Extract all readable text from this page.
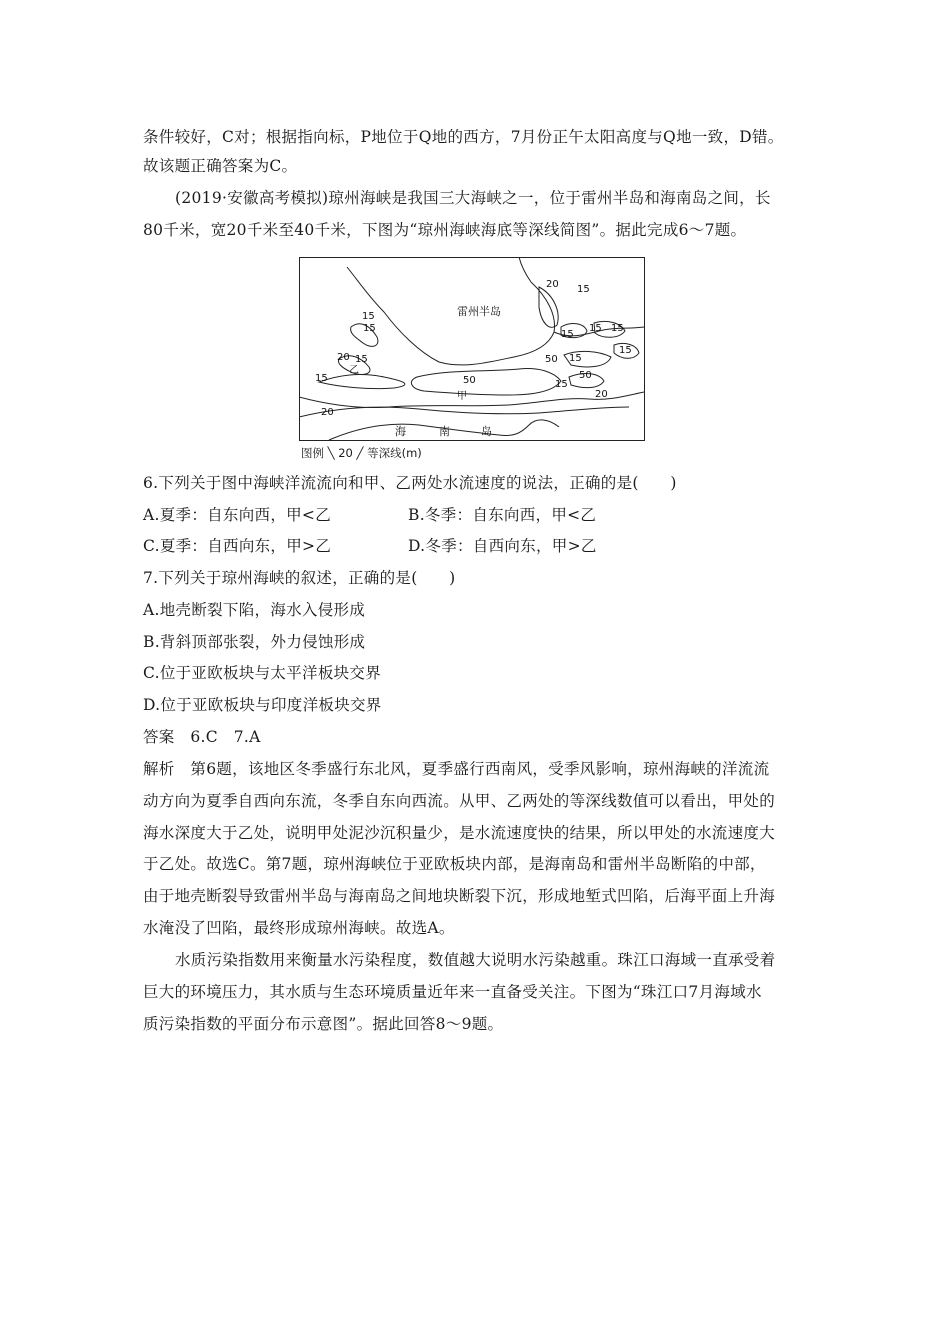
条件较好，C对；根据指向标，P地位于Q地的西方，7月份正午太阳高度与Q地一致，D错。
故该题正确答案为C。
(2019·安徽高考模拟)琼州海峡是我国三大海峡之一，位于雷州半岛和海南岛之间，长
80千米，宽20千米至40千米，下图为“琼州海峡海底等深线简图”。据此完成6～7题。
雷州半岛
甲
乙
海	南	岛
20 15
15
15
15
15
50 15
50
15
15
20 15
20
15	50	15
20
图例 ╲ 20 ╱ 等深线(m)
6.下列关于图中海峡洋流流向和甲、乙两处水流速度的说法，正确的是(　　)
A.夏季：自东向西，甲<乙	B.冬季：自东向西，甲<乙
C.夏季：自西向东，甲>乙	D.冬季：自西向东，甲>乙
7.下列关于琼州海峡的叙述，正确的是(　　)
A.地壳断裂下陷，海水入侵形成
B.背斜顶部张裂，外力侵蚀形成
C.位于亚欧板块与太平洋板块交界
D.位于亚欧板块与印度洋板块交界
答案　6.C　7.A
解析　第6题，该地区冬季盛行东北风，夏季盛行西南风，受季风影响，琼州海峡的洋流流
动方向为夏季自西向东流，冬季自东向西流。从甲、乙两处的等深线数值可以看出，甲处的
海水深度大于乙处，说明甲处泥沙沉积量少，是水流速度快的结果，所以甲处的水流速度大
于乙处。故选C。第7题，琼州海峡位于亚欧板块内部，是海南岛和雷州半岛断陷的中部，
由于地壳断裂导致雷州半岛与海南岛之间地块断裂下沉，形成地堑式凹陷，后海平面上升海
水淹没了凹陷，最终形成琼州海峡。故选A。
水质污染指数用来衡量水污染程度，数值越大说明水污染越重。珠江口海域一直承受着
巨大的环境压力，其水质与生态环境质量近年来一直备受关注。下图为“珠江口7月海域水
质污染指数的平面分布示意图”。据此回答8～9题。
